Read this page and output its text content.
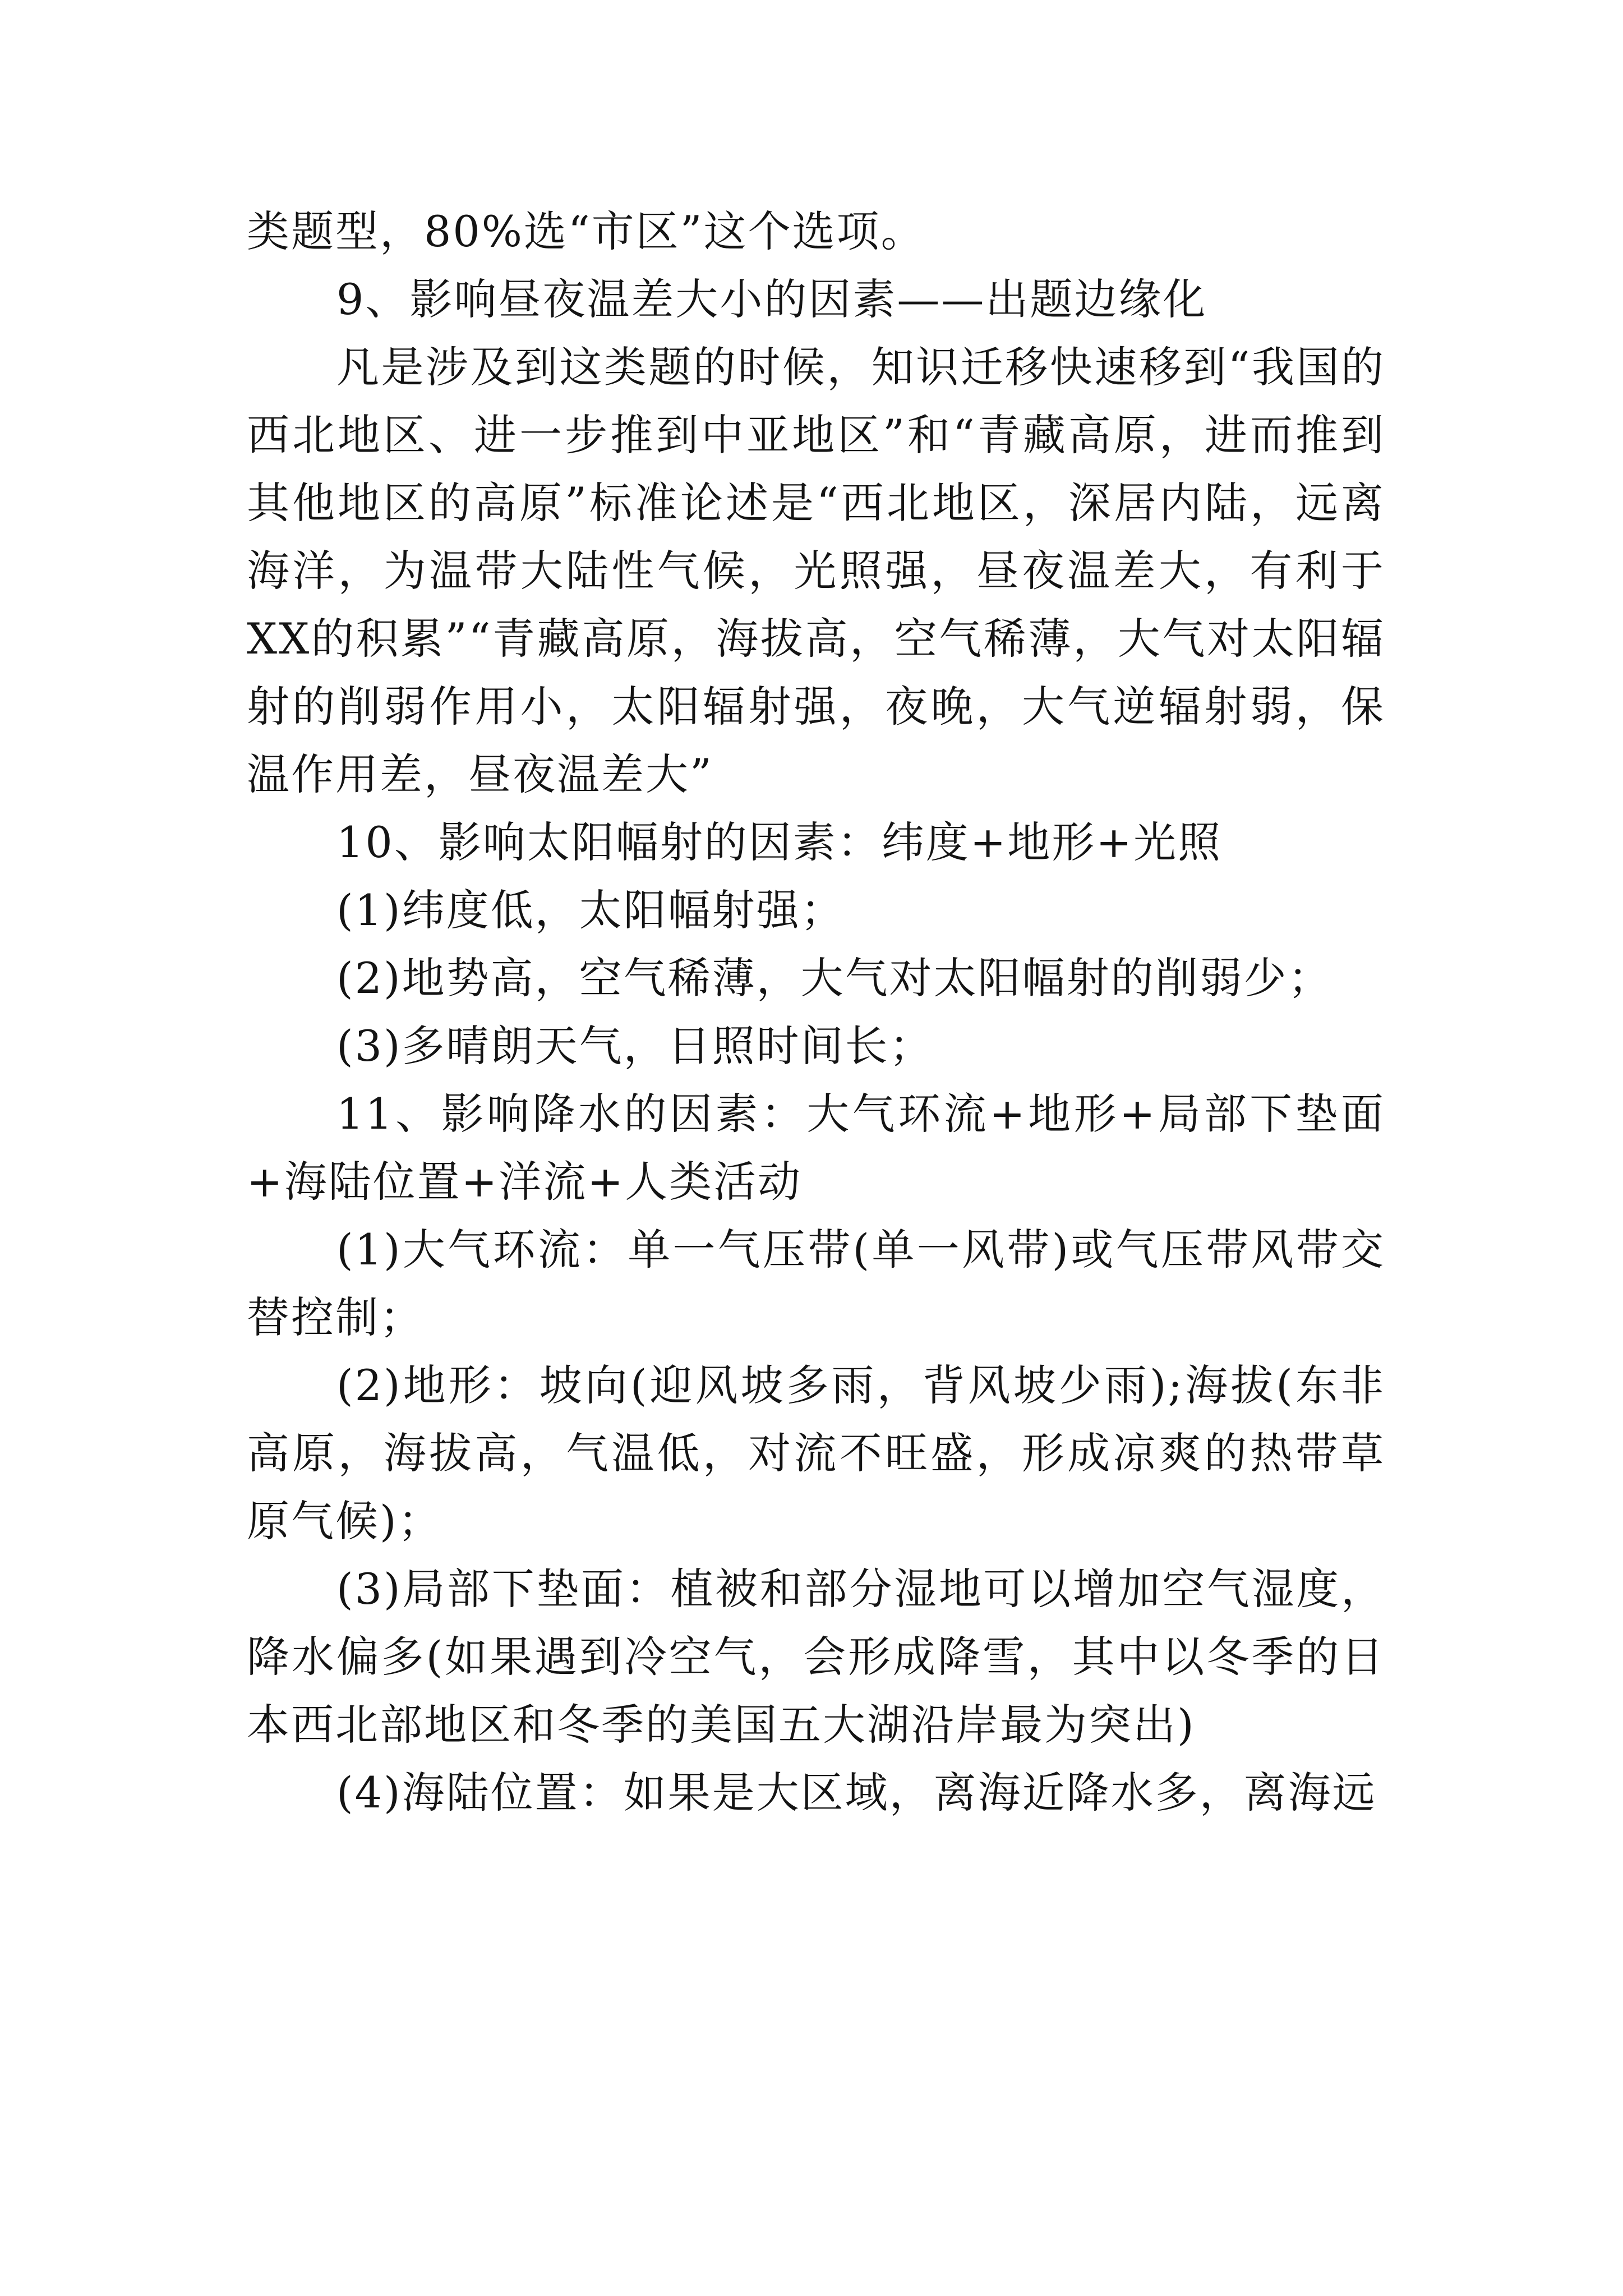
类题型，80%选“市区”这个选项。

9、影响昼夜温差大小的因素——出题边缘化

凡是涉及到这类题的时候，知识迁移快速移到“我国的西北地区、进一步推到中亚地区”和“青藏高原，进而推到其他地区的高原”标准论述是“西北地区，深居内陆，远离海洋，为温带大陆性气候，光照强，昼夜温差大，有利于XX的积累”“青藏高原，海拔高，空气稀薄，大气对太阳辐射的削弱作用小，太阳辐射强，夜晚，大气逆辐射弱，保温作用差，昼夜温差大”

10、影响太阳幅射的因素：纬度+地形+光照

(1)纬度低，太阳幅射强；

(2)地势高，空气稀薄，大气对太阳幅射的削弱少；

(3)多晴朗天气，日照时间长；

11、影响降水的因素：大气环流+地形+局部下垫面+海陆位置+洋流+人类活动

(1)大气环流：单一气压带(单一风带)或气压带风带交替控制；

(2)地形：坡向(迎风坡多雨，背风坡少雨);海拔(东非高原，海拔高，气温低，对流不旺盛，形成凉爽的热带草原气候)；

(3)局部下垫面：植被和部分湿地可以增加空气湿度，降水偏多(如果遇到冷空气，会形成降雪，其中以冬季的日本西北部地区和冬季的美国五大湖沿岸最为突出)

(4)海陆位置：如果是大区域，离海近降水多，离海远
